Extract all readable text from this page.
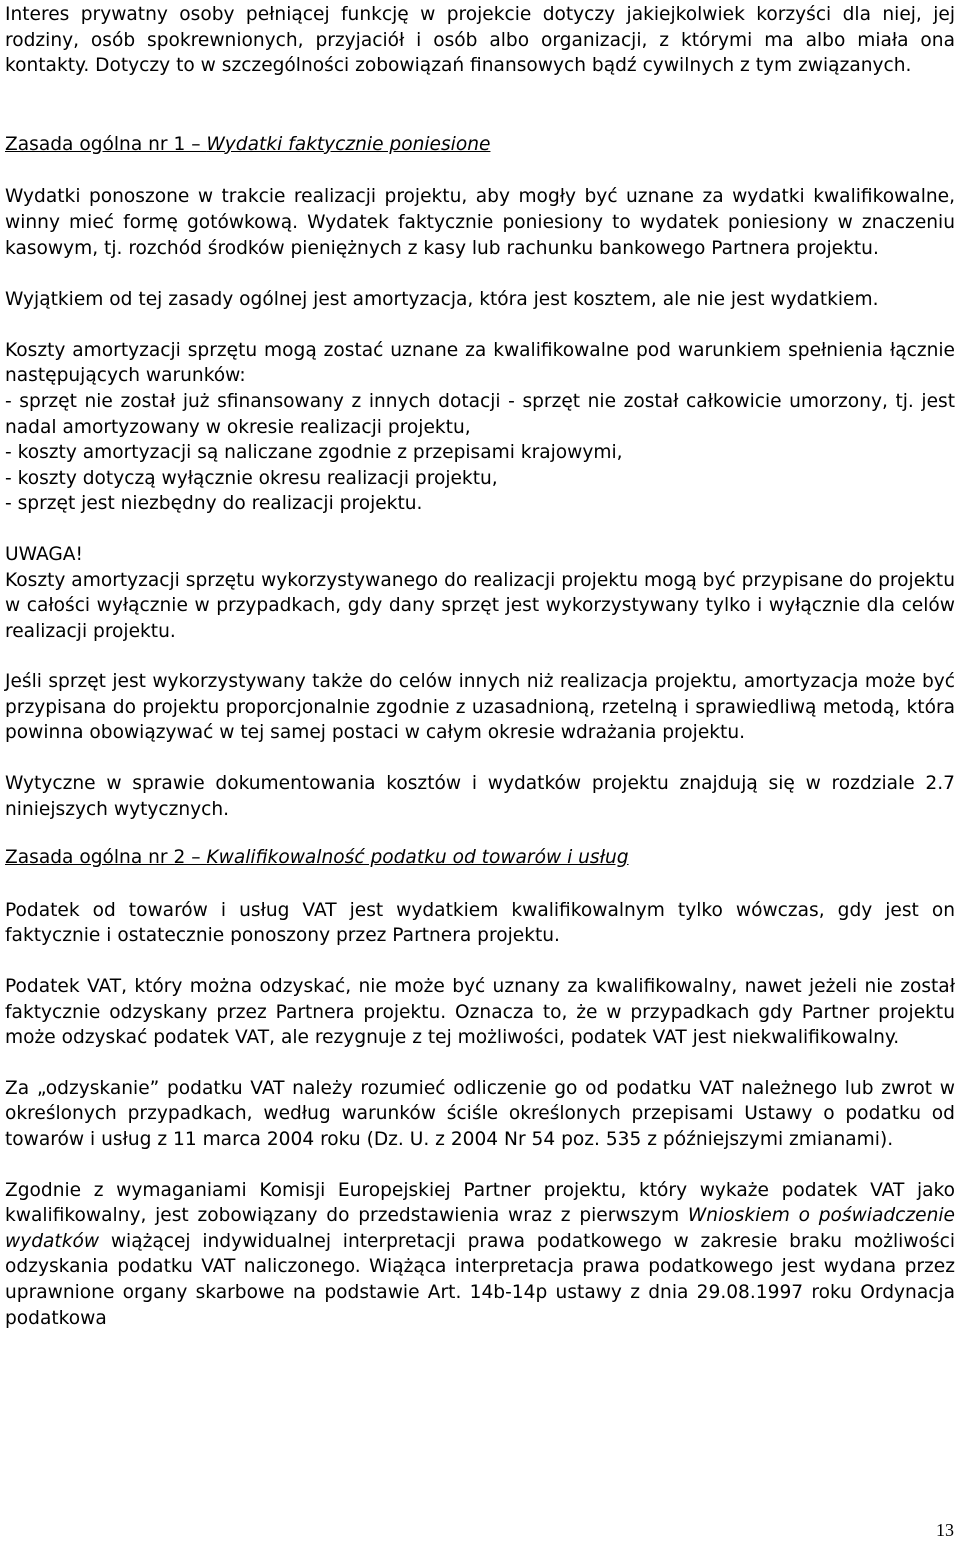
Interes prywatny osoby pełniącej funkcję w projekcie dotyczy jakiejkolwiek korzyści dla niej, jej rodziny, osób spokrewnionych, przyjaciół i osób albo organizacji, z którymi ma albo miała ona kontakty. Dotyczy to w szczególności zobowiązań finansowych bądź cywilnych z tym związanych.

Zasada ogólna nr 1 – Wydatki faktycznie poniesione

Wydatki ponoszone w trakcie realizacji projektu, aby mogły być uznane za wydatki kwalifikowalne, winny mieć formę gotówkową. Wydatek faktycznie poniesiony to wydatek poniesiony w znaczeniu kasowym, tj. rozchód środków pieniężnych z kasy lub rachunku bankowego Partnera projektu.

Wyjątkiem od tej zasady ogólnej jest amortyzacja, która jest kosztem, ale nie jest wydatkiem.

Koszty amortyzacji sprzętu mogą zostać uznane za kwalifikowalne pod warunkiem spełnienia łącznie następujących warunków:

- sprzęt nie został już sfinansowany z innych dotacji - sprzęt nie został całkowicie umorzony, tj. jest nadal amortyzowany w okresie realizacji projektu,

- koszty amortyzacji są naliczane zgodnie z przepisami krajowymi,

- koszty dotyczą wyłącznie okresu realizacji projektu,

- sprzęt jest niezbędny do realizacji projektu.

UWAGA!

Koszty amortyzacji sprzętu wykorzystywanego do realizacji projektu mogą być przypisane do projektu w całości wyłącznie w przypadkach, gdy dany sprzęt jest wykorzystywany tylko i wyłącznie dla celów realizacji projektu.

Jeśli sprzęt jest wykorzystywany także do celów innych niż realizacja projektu, amortyzacja może być przypisana do projektu proporcjonalnie zgodnie z uzasadnioną, rzetelną i sprawiedliwą metodą, która powinna obowiązywać w tej samej postaci w całym okresie wdrażania projektu.

Wytyczne w sprawie dokumentowania kosztów i wydatków projektu znajdują się w rozdziale 2.7 niniejszych wytycznych.

Zasada ogólna nr 2 – Kwalifikowalność podatku od towarów i usług

Podatek od towarów i usług VAT jest wydatkiem kwalifikowalnym tylko wówczas, gdy jest on faktycznie i ostatecznie ponoszony przez Partnera projektu.

Podatek VAT, który można odzyskać, nie może być uznany za kwalifikowalny, nawet jeżeli nie został faktycznie odzyskany przez Partnera projektu. Oznacza to, że w przypadkach gdy Partner projektu może odzyskać podatek VAT, ale rezygnuje z tej możliwości, podatek VAT jest niekwalifikowalny.

Za „odzyskanie” podatku VAT należy rozumieć odliczenie go od podatku VAT należnego lub zwrot w określonych przypadkach, według warunków ściśle określonych przepisami Ustawy o podatku od towarów i usług z 11 marca 2004 roku (Dz. U. z 2004 Nr 54 poz. 535 z późniejszymi zmianami).

Zgodnie z wymaganiami Komisji Europejskiej Partner projektu, który wykaże podatek VAT jako kwalifikowalny, jest zobowiązany do przedstawienia wraz z pierwszym Wnioskiem o poświadczenie wydatków wiążącej indywidualnej interpretacji prawa podatkowego w zakresie braku możliwości odzyskania podatku VAT naliczonego. Wiążąca interpretacja prawa podatkowego jest wydana przez uprawnione organy skarbowe na podstawie Art. 14b-14p ustawy z dnia 29.08.1997 roku Ordynacja podatkowa

13
